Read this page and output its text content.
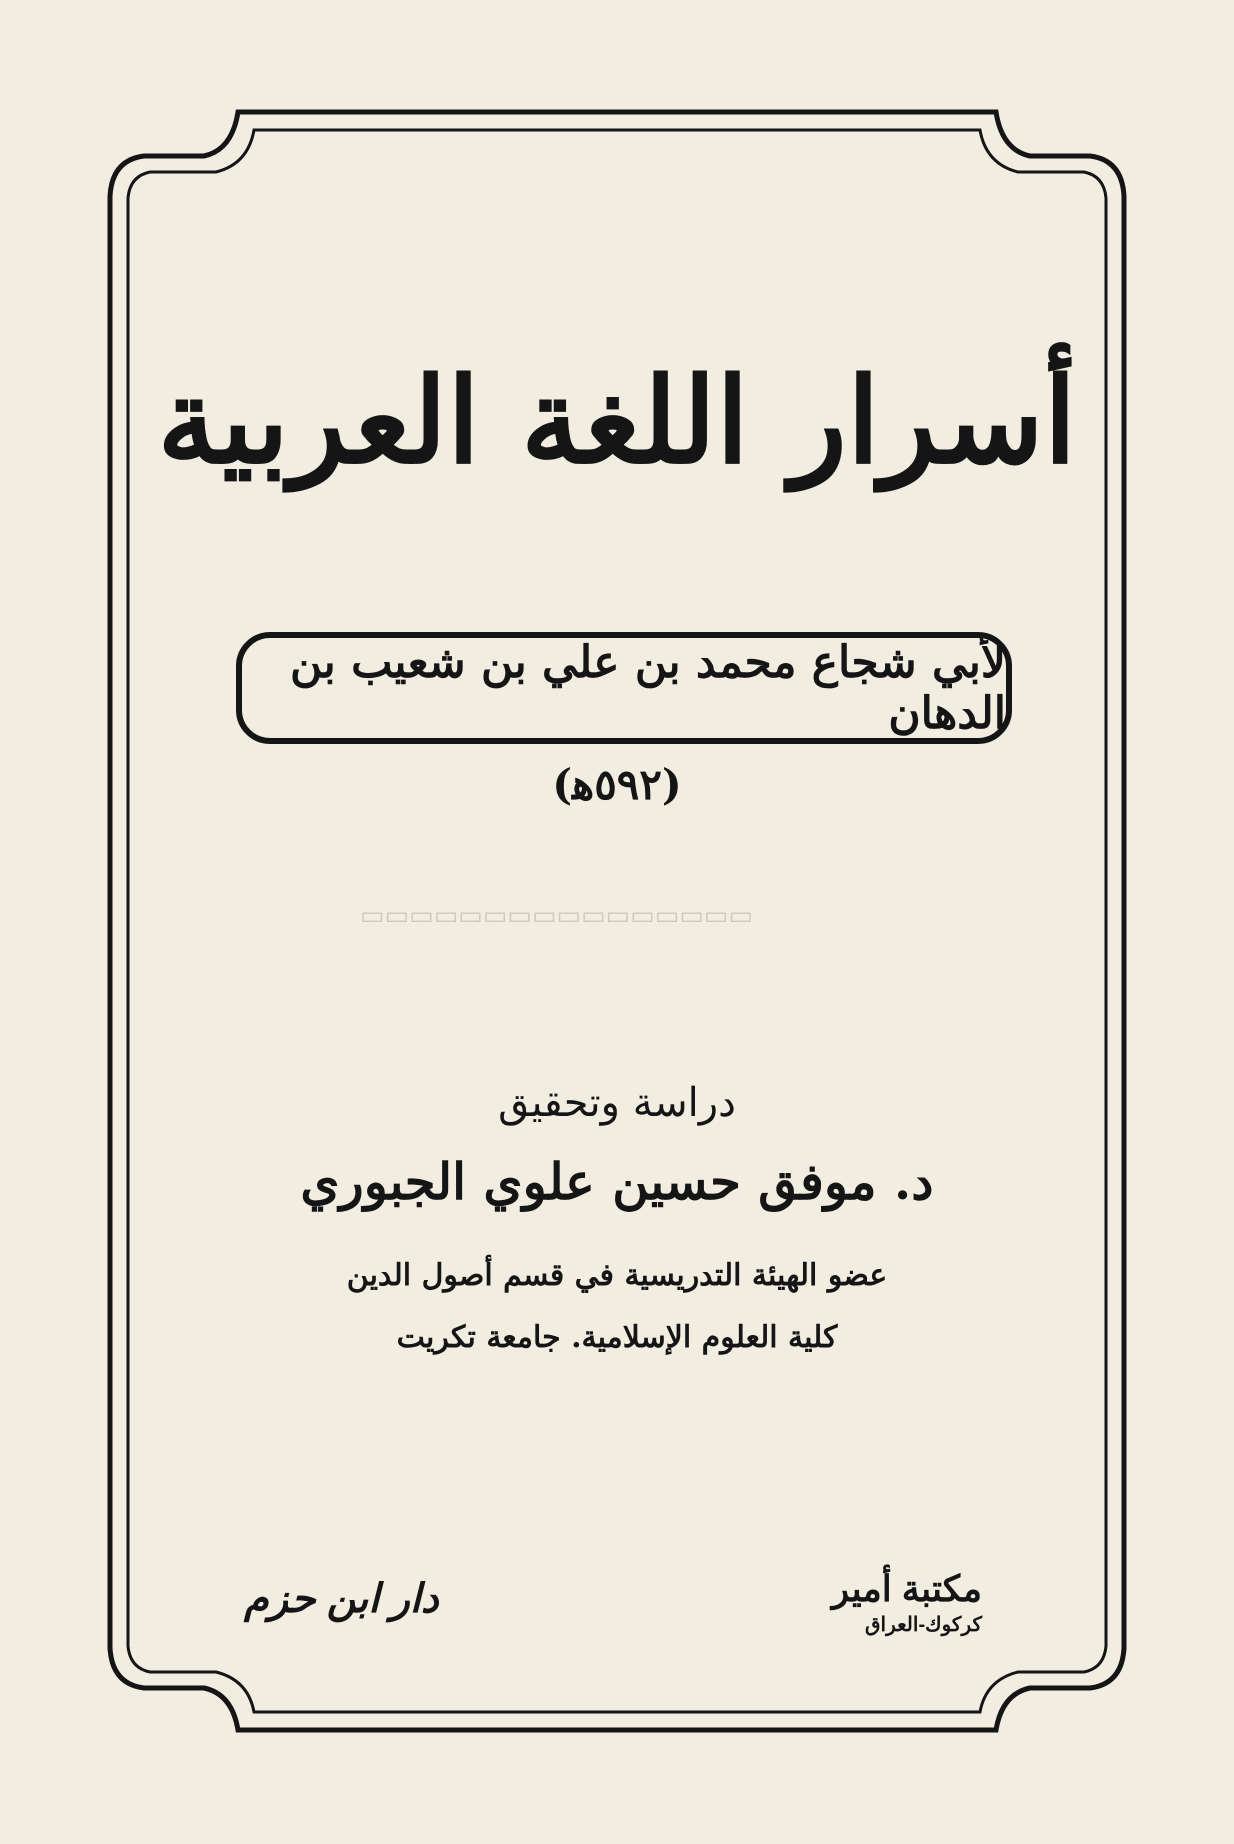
▭▭▭▭▭▭▭▭▭▭▭▭▭▭▭▭
أسرار اللغة العربية
لأبي شجاع محمد بن علي بن شعيب بن الدهان
(٥٩٢ﻫ)
دراسة وتحقيق
د. موفق حسين علوي الجبوري
عضو الهيئة التدريسية في قسم أصول الدين
كلية العلوم الإسلامية. جامعة تكريت
مكتبة أمير
كركوك-العراق
دار ابن حزم
